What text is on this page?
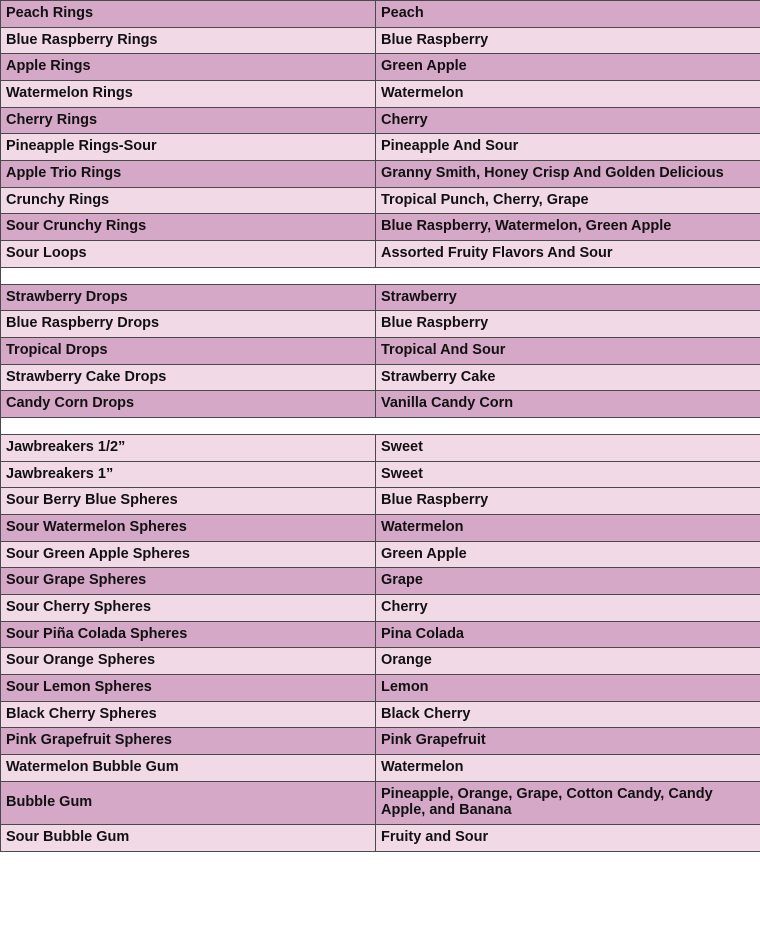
Peach Rings	Peach
Blue Raspberry Rings	Blue Raspberry
Apple Rings	Green Apple
Watermelon Rings	Watermelon
Cherry Rings	Cherry
Pineapple Rings-Sour	Pineapple And Sour
Apple Trio Rings	Granny Smith, Honey Crisp And Golden Delicious
Crunchy Rings	Tropical Punch, Cherry, Grape
Sour Crunchy Rings	Blue Raspberry, Watermelon, Green Apple
Sour Loops	Assorted Fruity Flavors And Sour

Strawberry Drops	Strawberry
Blue Raspberry Drops	Blue Raspberry
Tropical Drops	Tropical And Sour
Strawberry Cake Drops	Strawberry Cake
Candy Corn Drops	Vanilla Candy Corn

Jawbreakers 1/2”	Sweet
Jawbreakers 1”	Sweet
Sour Berry Blue Spheres	Blue Raspberry
Sour Watermelon Spheres	Watermelon
Sour Green Apple Spheres	Green Apple
Sour Grape Spheres	Grape
Sour Cherry Spheres	Cherry
Sour Piña Colada Spheres	Pina Colada
Sour Orange Spheres	Orange
Sour Lemon Spheres	Lemon
Black Cherry Spheres	Black Cherry
Pink Grapefruit Spheres	Pink Grapefruit
Watermelon Bubble Gum	Watermelon
Bubble Gum	Pineapple, Orange, Grape, Cotton Candy, Candy Apple, and Banana
Sour Bubble Gum	Fruity and Sour
